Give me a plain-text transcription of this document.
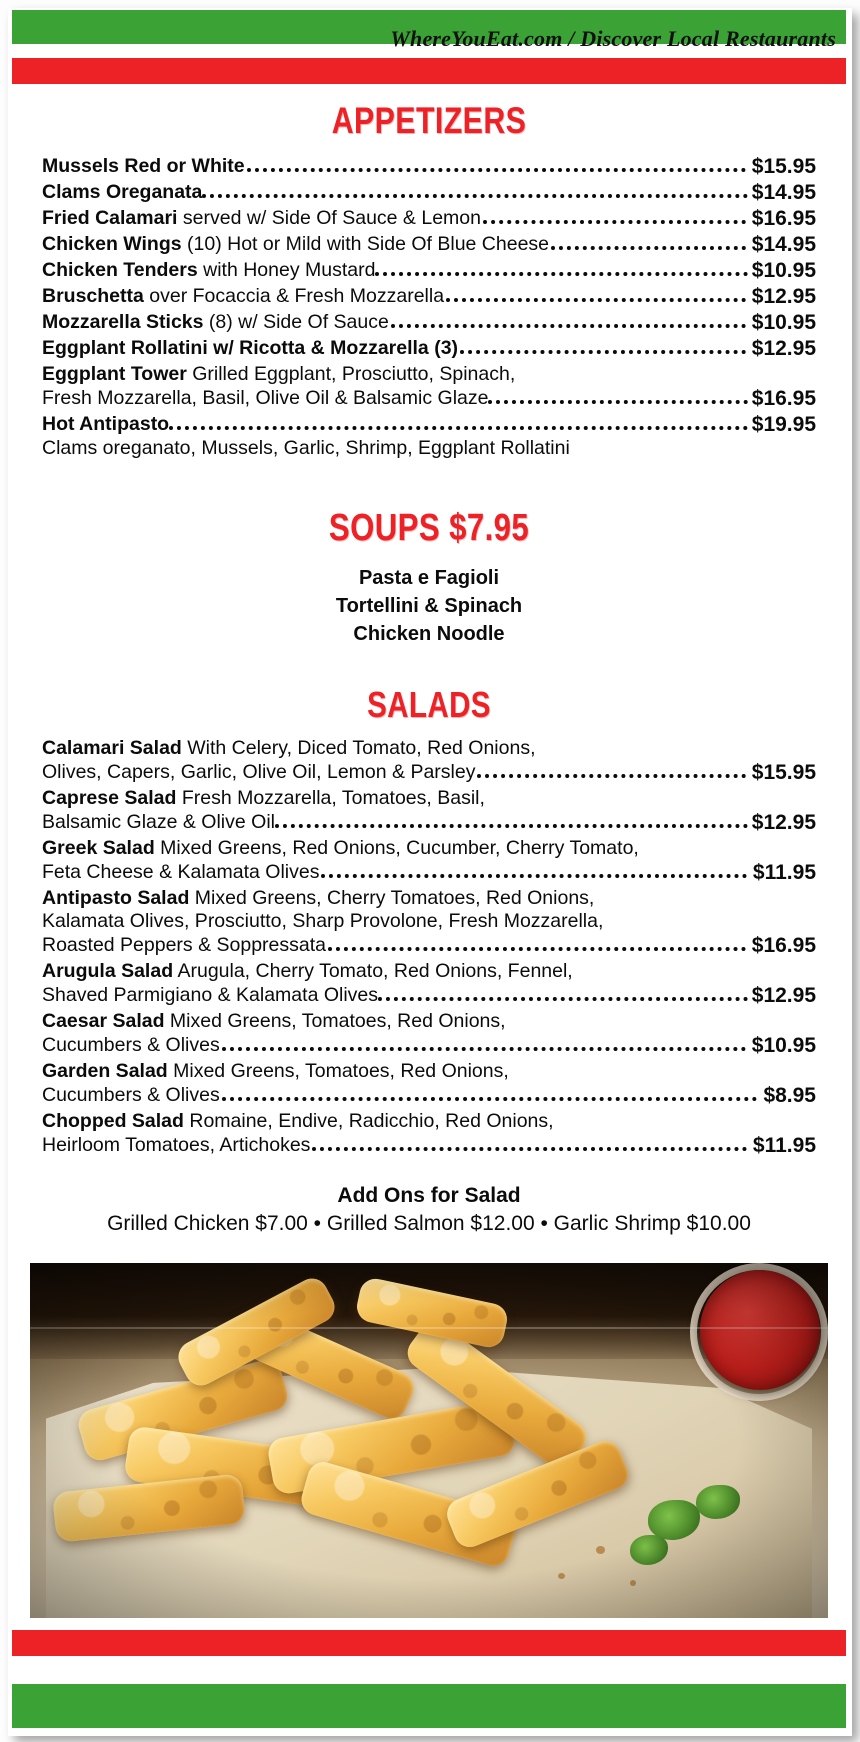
WhereYouEat.com / Discover Local Restaurants
APPETIZERS
Mussels Red or White	$15.95
Clams Oreganata	$14.95
Fried Calamari served w/ Side Of Sauce & Lemon	$16.95
Chicken Wings (10) Hot or Mild with Side Of Blue Cheese	$14.95
Chicken Tenders with Honey Mustard	$10.95
Bruschetta over Focaccia & Fresh Mozzarella	$12.95
Mozzarella Sticks (8) w/ Side Of Sauce	$10.95
Eggplant Rollatini w/ Ricotta & Mozzarella (3)	$12.95
Eggplant Tower Grilled Eggplant, Prosciutto, Spinach,
Fresh Mozzarella, Basil, Olive Oil & Balsamic Glaze	$16.95
Hot Antipasto	$19.95
Clams oreganato, Mussels, Garlic, Shrimp, Eggplant Rollatini
SOUPS $7.95
Pasta e Fagioli
Tortellini & Spinach
Chicken Noodle
SALADS
Calamari Salad With Celery, Diced Tomato, Red Onions,
Olives, Capers, Garlic, Olive Oil, Lemon & Parsley	$15.95
Caprese Salad Fresh Mozzarella, Tomatoes, Basil,
Balsamic Glaze & Olive Oil	$12.95
Greek Salad Mixed Greens, Red Onions, Cucumber, Cherry Tomato,
Feta Cheese & Kalamata Olives	$11.95
Antipasto Salad Mixed Greens, Cherry Tomatoes, Red Onions,
Kalamata Olives, Prosciutto, Sharp Provolone, Fresh Mozzarella,
Roasted Peppers & Soppressata	$16.95
Arugula Salad Arugula, Cherry Tomato, Red Onions, Fennel,
Shaved Parmigiano & Kalamata Olives	$12.95
Caesar Salad Mixed Greens, Tomatoes, Red Onions,
Cucumbers & Olives	$10.95
Garden Salad Mixed Greens, Tomatoes, Red Onions,
Cucumbers & Olives	$8.95
Chopped Salad Romaine, Endive, Radicchio, Red Onions,
Heirloom Tomatoes, Artichokes	$11.95
Add Ons for Salad
Grilled Chicken $7.00 • Grilled Salmon $12.00 • Garlic Shrimp $10.00
